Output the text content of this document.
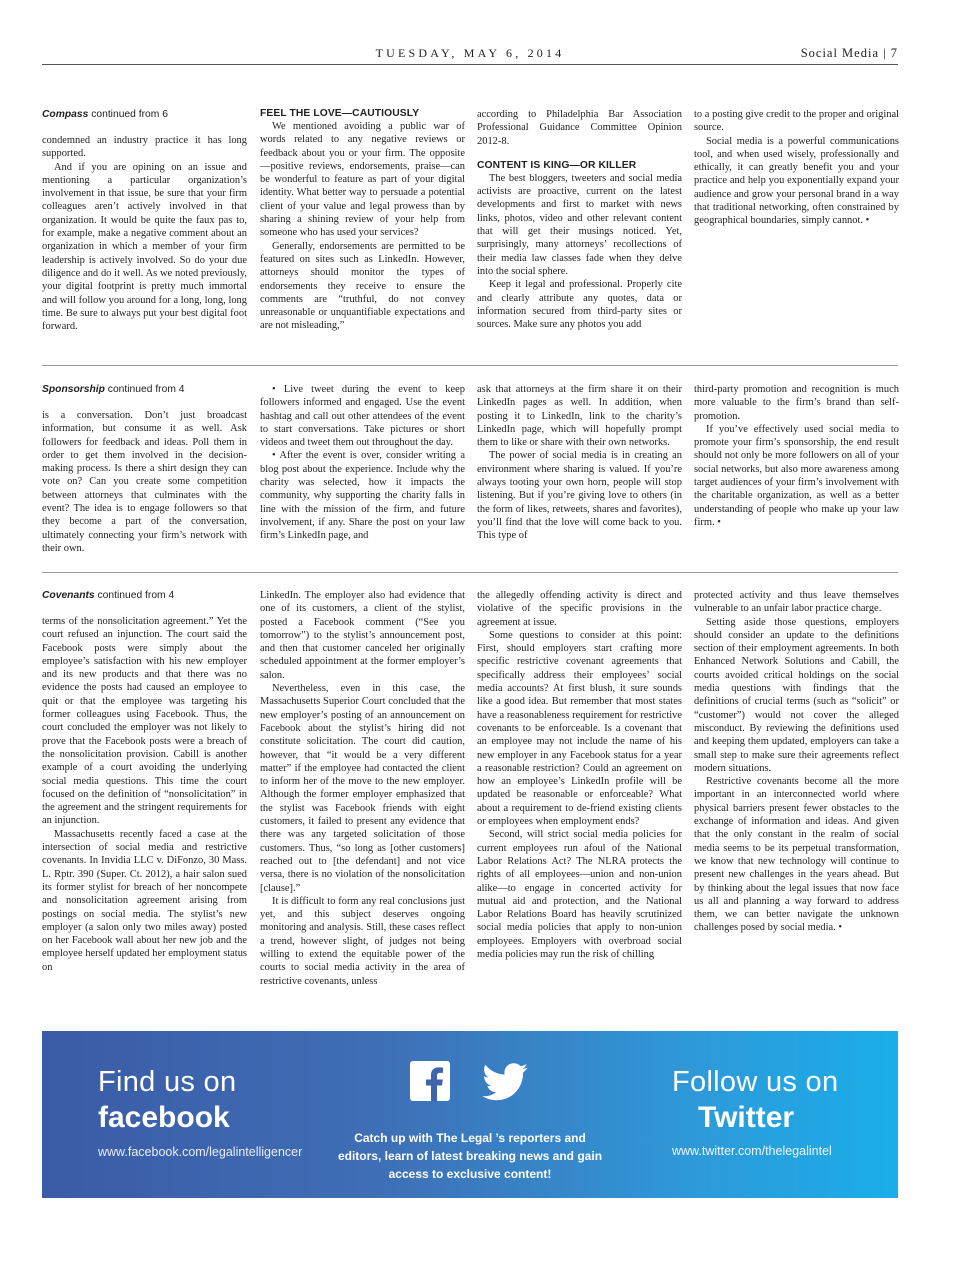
TUESDAY, MAY 6, 2014	Social Media | 7
Compass continued from 6

condemned an industry practice it has long supported.

And if you are opining on an issue and mentioning a particular organization’s involvement in that issue, be sure that your firm colleagues aren’t actively involved in that organization. It would be quite the faux pas to, for example, make a negative comment about an organization in which a member of your firm leadership is actively involved. So do your due diligence and do it well. As we noted previously, your digital footprint is pretty much immortal and will follow you around for a long, long, long time. Be sure to always put your best digital foot forward.

FEEL THE LOVE—CAUTIOUSLY

We mentioned avoiding a public war of words related to any negative reviews or feedback about you or your firm. The opposite—positive reviews, endorsements, praise—can be wonderful to feature as part of your digital identity. What better way to persuade a potential client of your value and legal prowess than by sharing a shining review of your help from someone who has used your services?

Generally, endorsements are permitted to be featured on sites such as LinkedIn. However, attorneys should monitor the types of endorsements they receive to ensure the comments are “truthful, do not convey unreasonable or unquantifiable expectations and are not misleading,”

according to Philadelphia Bar Association Professional Guidance Committee Opinion 2012-8.

CONTENT IS KING—OR KILLER

The best bloggers, tweeters and social media activists are proactive, current on the latest developments and first to market with news links, photos, video and other relevant content that will get their musings noticed. Yet, surprisingly, many attorneys’ recollections of their media law classes fade when they delve into the social sphere.

Keep it legal and professional. Properly cite and clearly attribute any quotes, data or information secured from third-party sites or sources. Make sure any photos you add

to a posting give credit to the proper and original source.

Social media is a powerful communications tool, and when used wisely, professionally and ethically, it can greatly benefit you and your practice and help you exponentially expand your audience and grow your personal brand in a way that traditional networking, often constrained by geographical boundaries, simply cannot. •

Sponsorship continued from 4

is a conversation. Don’t just broadcast information, but consume it as well. Ask followers for feedback and ideas. Poll them in order to get them involved in the decision-making process. Is there a shirt design they can vote on? Can you create some competition between attorneys that culminates with the event? The idea is to engage followers so that they become a part of the conversation, ultimately connecting your firm’s network with their own.

• Live tweet during the event to keep followers informed and engaged. Use the event hashtag and call out other attendees of the event to start conversations. Take pictures or short videos and tweet them out throughout the day.

• After the event is over, consider writing a blog post about the experience. Include why the charity was selected, how it impacts the community, why supporting the charity falls in line with the mission of the firm, and future involvement, if any. Share the post on your law firm’s LinkedIn page, and

ask that attorneys at the firm share it on their LinkedIn pages as well. In addition, when posting it to LinkedIn, link to the charity’s LinkedIn page, which will hopefully prompt them to like or share with their own networks.

The power of social media is in creating an environment where sharing is valued. If you’re always tooting your own horn, people will stop listening. But if you’re giving love to others (in the form of likes, retweets, shares and favorites), you’ll find that the love will come back to you. This type of

third-party promotion and recognition is much more valuable to the firm’s brand than self-promotion.

If you’ve effectively used social media to promote your firm’s sponsorship, the end result should not only be more followers on all of your social networks, but also more awareness among target audiences of your firm’s involvement with the charitable organization, as well as a better understanding of people who make up your law firm. •

Covenants continued from 4

terms of the nonsolicitation agreement.” Yet the court refused an injunction. The court said the Facebook posts were simply about the employee’s satisfaction with his new employer and its new products and that there was no evidence the posts had caused an employee to quit or that the employee was targeting his former colleagues using Facebook. Thus, the court concluded the employer was not likely to prove that the Facebook posts were a breach of the nonsolicitation provision. Cabill is another example of a court avoiding the underlying social media questions. This time the court focused on the definition of “nonsolicitation” in the agreement and the stringent requirements for an injunction.

Massachusetts recently faced a case at the intersection of social media and restrictive covenants. In Invidia LLC v. DiFonzo, 30 Mass. L. Rptr. 390 (Super. Ct. 2012), a hair salon sued its former stylist for breach of her noncompete and nonsolicitation agreement arising from postings on social media. The stylist’s new employer (a salon only two miles away) posted on her Facebook wall about her new job and the employee herself updated her employment status on

LinkedIn. The employer also had evidence that one of its customers, a client of the stylist, posted a Facebook comment (“See you tomorrow”) to the stylist’s announcement post, and then that customer canceled her originally scheduled appointment at the former employer’s salon.

Nevertheless, even in this case, the Massachusetts Superior Court concluded that the new employer’s posting of an announcement on Facebook about the stylist’s hiring did not constitute solicitation. The court did caution, however, that “it would be a very different matter” if the employee had contacted the client to inform her of the move to the new employer. Although the former employer emphasized that the stylist was Facebook friends with eight customers, it failed to present any evidence that there was any targeted solicitation of those customers. Thus, “so long as [other customers] reached out to [the defendant] and not vice versa, there is no violation of the nonsolicitation [clause].”

It is difficult to form any real conclusions just yet, and this subject deserves ongoing monitoring and analysis. Still, these cases reflect a trend, however slight, of judges not being willing to extend the equitable power of the courts to social media activity in the area of restrictive covenants, unless

the allegedly offending activity is direct and violative of the specific provisions in the agreement at issue.

Some questions to consider at this point: First, should employers start crafting more specific restrictive covenant agreements that specifically address their employees’ social media accounts? At first blush, it sure sounds like a good idea. But remember that most states have a reasonableness requirement for restrictive covenants to be enforceable. Is a covenant that an employee may not include the name of his new employer in any Facebook status for a year a reasonable restriction? Could an agreement on how an employee’s LinkedIn profile will be updated be reasonable or enforceable? What about a requirement to de-friend existing clients or employees when employment ends?

Second, will strict social media policies for current employees run afoul of the National Labor Relations Act? The NLRA protects the rights of all employees—union and non-union alike—to engage in concerted activity for mutual aid and protection, and the National Labor Relations Board has heavily scrutinized social media policies that apply to non-union employees. Employers with overbroad social media policies may run the risk of chilling

protected activity and thus leave themselves vulnerable to an unfair labor practice charge.

Setting aside those questions, employers should consider an update to the definitions section of their employment agreements. In both Enhanced Network Solutions and Cabill, the courts avoided critical holdings on the social media questions with findings that the definitions of crucial terms (such as “solicit” or “customer”) would not cover the alleged misconduct. By reviewing the definitions used and keeping them updated, employers can take a small step to make sure their agreements reflect modern situations.

Restrictive covenants become all the more important in an interconnected world where physical barriers present fewer obstacles to the exchange of information and ideas. And given that the only constant in the realm of social media seems to be its perpetual transformation, we know that new technology will continue to present new challenges in the years ahead. But by thinking about the legal issues that now face us all and planning a way forward to address them, we can better navigate the unknown challenges posed by social media. •

Find us on
facebook
www.facebook.com/legalintelligencer
Catch up with The Legal ’s reporters and editors, learn of latest breaking news and gain access to exclusive content!
Follow us on
Twitter
www.twitter.com/thelegalintel
